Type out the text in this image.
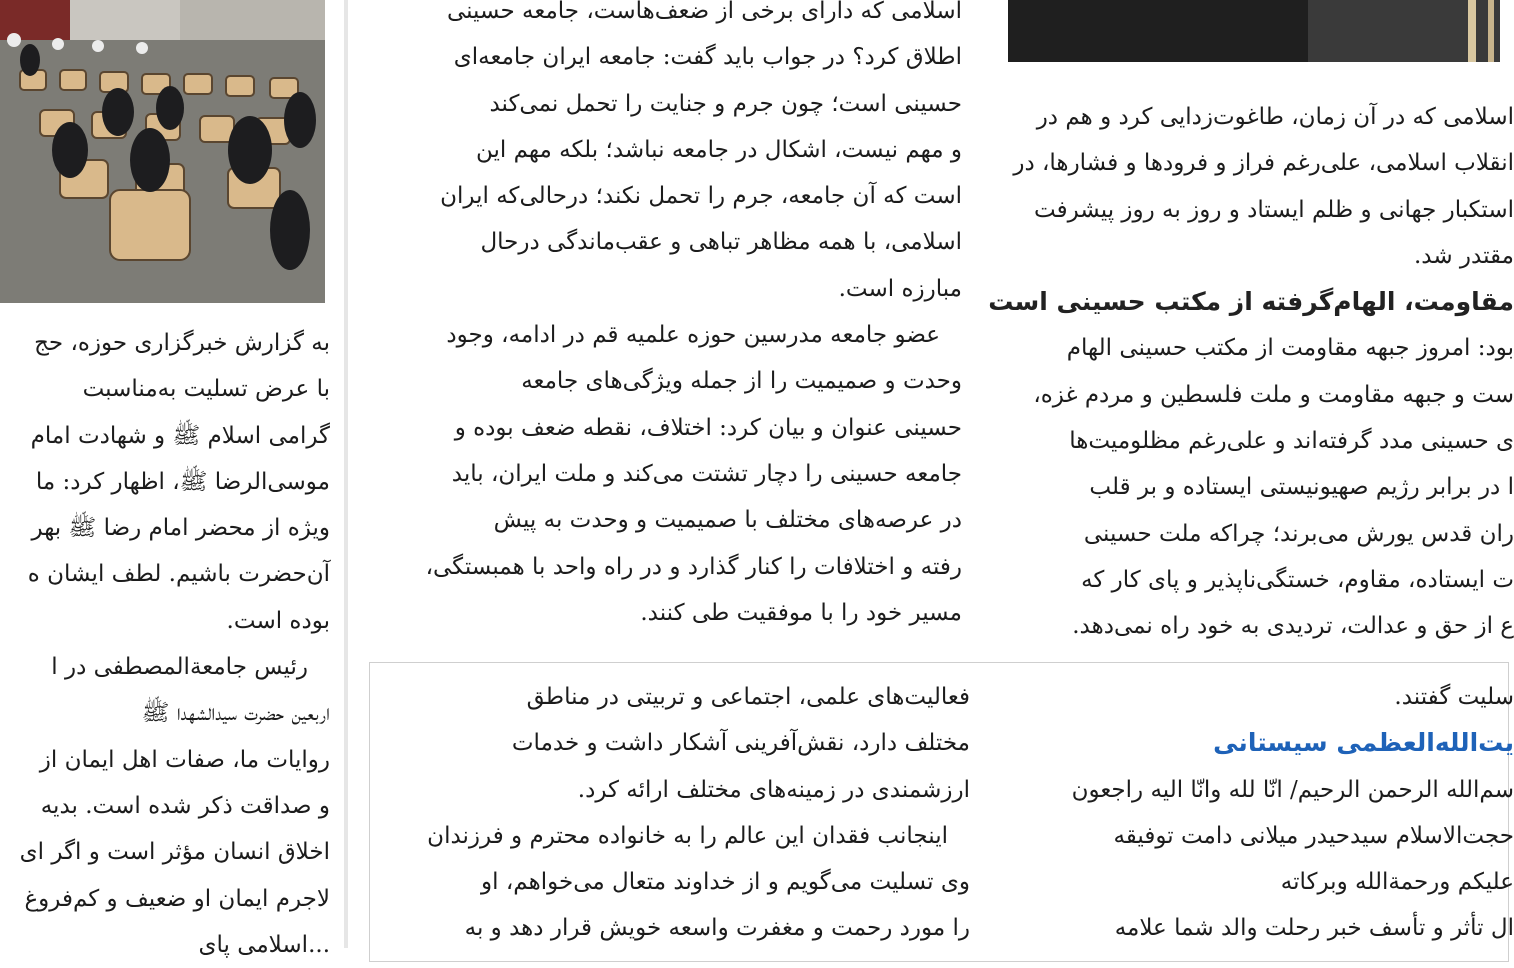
به گزارش خبرگزاری حوزه، حج
با عرض تسلیت به‌مناسبت
گرامی اسلام ﷺ و شهادت امام
موسی‌الرضا ﷺ، اظهار کرد: ما
ویژه از محضر امام رضا ﷺ بهر
آن‌حضرت باشیم. لطف ایشان ه
بوده است.
رئیس جامعةالمصطفی در ا
اربعین حضرت سیدالشهدا ﷺ
روایات ما، صفات اهل ایمان از
و صداقت ذکر شده است. بدیه
اخلاق انسان مؤثر است و اگر ای
لاجرم ایمان او ضعیف و کم‌فروغ
...اسلامی پای
اسلامی که دارای برخی از ضعف‌هاست، جامعه حسینی
اطلاق کرد؟ در جواب باید گفت: جامعه ایران جامعه‌ای
حسینی است؛ چون جرم و جنایت را تحمل نمی‌کند
و مهم نیست، اشکال در جامعه نباشد؛ بلکه مهم این
است که آن جامعه، جرم را تحمل نکند؛ درحالی‌که ایران
اسلامی، با همه مظاهر تباهی و عقب‌ماندگی درحال
مبارزه است.
عضو جامعه مدرسین حوزه علمیه قم در ادامه، وجود
وحدت و صمیمیت را از جمله ویژگی‌های جامعه
حسینی عنوان و بیان کرد: اختلاف، نقطه ضعف بوده و
جامعه حسینی را دچار تشتت می‌کند و ملت ایران، باید
در عرصه‌های مختلف با صمیمیت و وحدت به پیش
رفته و اختلافات را کنار گذارد و در راه واحد با همبستگی،
مسیر خود را با موفقیت طی کنند.
اسلامی که در آن زمان، طاغوت‌زدایی کرد و هم در
انقلاب اسلامی، علی‌رغم فراز و فرودها و فشارها، در
استکبار جهانی و ظلم ایستاد و روز به روز پیشرفت
مقتدر شد.
مقاومت، الهام‌گرفته از مکتب حسینی است
بود: امروز جبهه مقاومت از مکتب حسینی الهام
ست و جبهه مقاومت و ملت فلسطین و مردم غزه،
ی حسینی مدد گرفته‌اند و علی‌رغم مظلومیت‌ها
ا در برابر رژیم صهیونیستی ایستاده و بر قلب
ران قدس یورش می‌برند؛ چراکه ملت حسینی
ت ایستاده، مقاوم، خستگی‌ناپذیر و پای کار که
ع از حق و عدالت، تردیدی به خود راه نمی‌دهد.
فعالیت‌های علمی، اجتماعی و تربیتی در مناطق
مختلف دارد، نقش‌آفرینی آشکار داشت و خدمات
ارزشمندی در زمینه‌های مختلف ارائه کرد.
اینجانب فقدان این عالم را به خانواده محترم و فرزندان
وی تسلیت می‌گویم و از خداوند متعال می‌خواهم، او
را مورد رحمت و مغفرت واسعه خویش قرار دهد و به
سلیت گفتند.
یت‌الله‌العظمی سیستانی
سم‌الله الرحمن الرحیم/ انّا لله وانّا الیه راجعون
حجت‌الاسلام سیدحیدر میلانی دامت توفیقه
علیکم ورحمةالله وبرکاته
ال تأثر و تأسف خبر رحلت والد شما علامه
